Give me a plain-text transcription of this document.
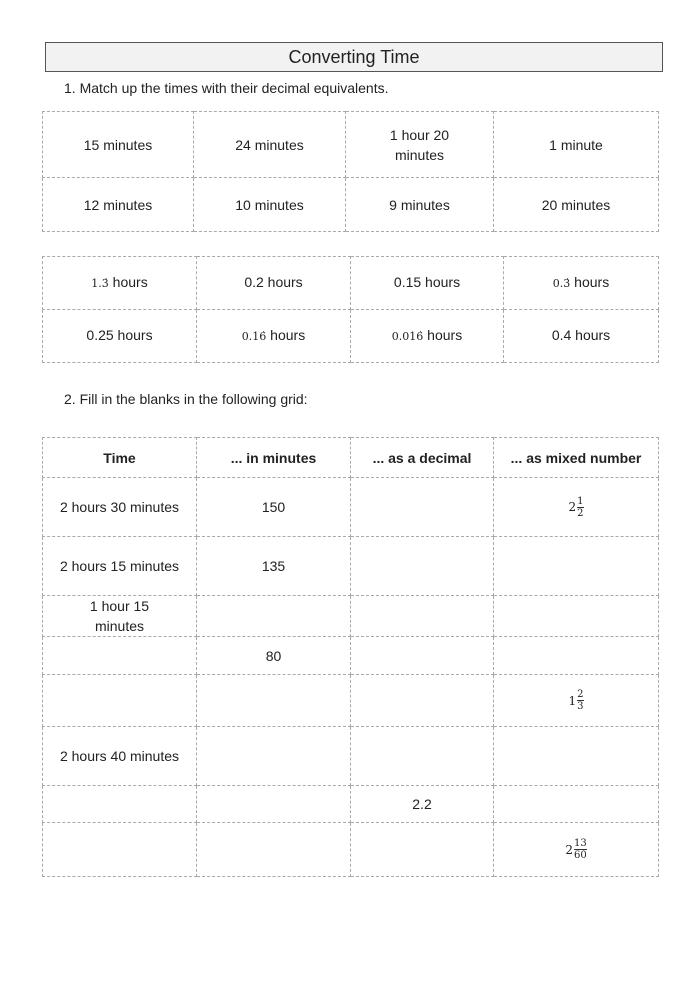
Converting Time
1. Match up the times with their decimal equivalents.
15 minutes	24 minutes	1 hour 20 minutes	1 minute
12 minutes	10 minutes	9 minutes	20 minutes
1.3̇ hours	0.2 hours	0.15 hours	0.3̇ hours
0.25 hours	0.16̇ hours	0.016̇ hours	0.4 hours
2. Fill in the blanks in the following grid:
Time	... in minutes	... as a decimal	... as mixed number
2 hours 30 minutes	150		$2 \frac{1}{2}$

2 hours 15 minutes	135		
1 hour 15 minutes			
	80		

			$1 \frac{2}{3}$

2 hours 40 minutes			
		2.2	

			$2 \frac{13}{60}$
